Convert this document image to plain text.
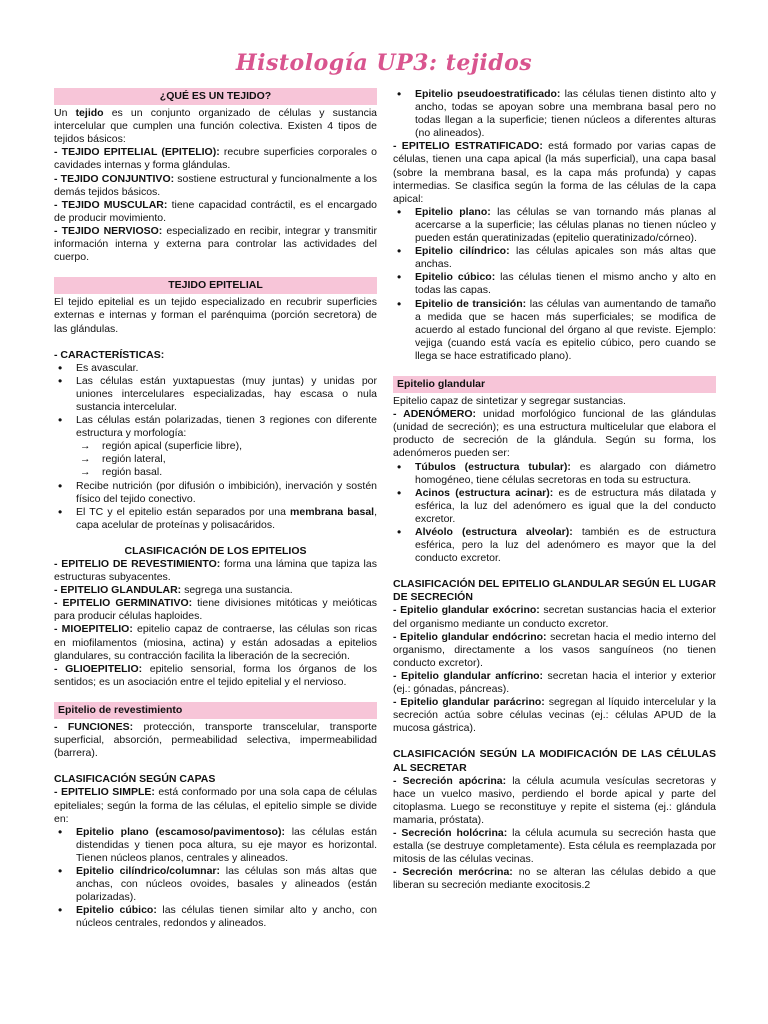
Histología UP3: tejidos
¿QUÉ ES UN TEJIDO?

Un tejido es un conjunto organizado de células y sustancia intercelular que cumplen una función colectiva. Existen 4 tipos de tejidos básicos:

- TEJIDO EPITELIAL (EPITELIO): recubre superficies corporales o cavidades internas y forma glándulas.

- TEJIDO CONJUNTIVO: sostiene estructural y funcionalmente a los demás tejidos básicos.

- TEJIDO MUSCULAR: tiene capacidad contráctil, es el encargado de producir movimiento.

- TEJIDO NERVIOSO: especializado en recibir, integrar y transmitir información interna y externa para controlar las actividades del cuerpo.

TEJIDO EPITELIAL

El tejido epitelial es un tejido especializado en recubrir superficies externas e internas y forman el parénquima (porción secretora) de las glándulas.

- CARACTERÍSTICAS:

• Es avascular.
• Las células están yuxtapuestas (muy juntas) y unidas por uniones intercelulares especializadas, hay escasa o nula sustancia intercelular.
• Las células están polarizadas, tienen 3 regiones con diferente estructura y morfología:
→ región apical (superficie libre),
→ región lateral,
→ región basal.
• Recibe nutrición (por difusión o imbibición), inervación y sostén físico del tejido conectivo.
• El TC y el epitelio están separados por una membrana basal, capa acelular de proteínas y polisacáridos.

CLASIFICACIÓN DE LOS EPITELIOS

- EPITELIO DE REVESTIMIENTO: forma una lámina que tapiza las estructuras subyacentes.

- EPITELIO GLANDULAR: segrega una sustancia.

- EPITELIO GERMINATIVO: tiene divisiones mitóticas y meióticas para producir células haploides.

- MIOEPITELIO: epitelio capaz de contraerse, las células son ricas en miofilamentos (miosina, actina) y están adosadas a epitelios glandulares, su contracción facilita la liberación de la secreción.

- GLIOEPITELIO: epitelio sensorial, forma los órganos de los sentidos; es un asociación entre el tejido epitelial y el nervioso.

Epitelio de revestimiento

- FUNCIONES: protección, transporte transcelular, transporte superficial, absorción, permeabilidad selectiva, impermeabilidad (barrera).

CLASIFICACIÓN SEGÚN CAPAS

- EPITELIO SIMPLE: está conformado por una sola capa de células epiteliales; según la forma de las células, el epitelio simple se divide en:

• Epitelio plano (escamoso/pavimentoso): las células están distendidas y tienen poca altura, su eje mayor es horizontal. Tienen núcleos planos, centrales y alineados.
• Epitelio cilíndrico/columnar: las células son más altas que anchas, con núcleos ovoides, basales y alineados (están polarizadas).
• Epitelio cúbico: las células tienen similar alto y ancho, con núcleos centrales, redondos y alineados.
• Epitelio pseudoestratificado: las células tienen distinto alto y ancho, todas se apoyan sobre una membrana basal pero no todas llegan a la superficie; tienen núcleos a diferentes alturas (no alineados).

- EPITELIO ESTRATIFICADO: está formado por varias capas de células, tienen una capa apical (la más superficial), una capa basal (sobre la membrana basal, es la capa más profunda) y capas intermedias. Se clasifica según la forma de las células de la capa apical:

• Epitelio plano: las células se van tornando más planas al acercarse a la superficie; las células planas no tienen núcleo y pueden están queratinizadas (epitelio queratinizado/córneo).
• Epitelio cilíndrico: las células apicales son más altas que anchas.
• Epitelio cúbico: las células tienen el mismo ancho y alto en todas las capas.
• Epitelio de transición: las células van aumentando de tamaño a medida que se hacen más superficiales; se modifica de acuerdo al estado funcional del órgano al que reviste. Ejemplo: vejiga (cuando está vacía es epitelio cúbico, pero cuando se llega se hace estratificado plano).
Epitelio glandular

Epitelio capaz de sintetizar y segregar sustancias.

- ADENÓMERO: unidad morfológico funcional de las glándulas (unidad de secreción); es una estructura multicelular que elabora el producto de secreción de la glándula. Según su forma, los adenómeros pueden ser:

• Túbulos (estructura tubular): es alargado con diámetro homogéneo, tiene células secretoras en toda su estructura.
• Acinos (estructura acinar): es de estructura más dilatada y esférica, la luz del adenómero es igual que la del conducto excretor.
• Alvéolo (estructura alveolar): también es de estructura esférica, pero la luz del adenómero es mayor que la del conducto excretor.

CLASIFICACIÓN DEL EPITELIO GLANDULAR SEGÚN EL LUGAR DE SECRECIÓN

- Epitelio glandular exócrino: secretan sustancias hacia el exterior del organismo mediante un conducto excretor.

- Epitelio glandular endócrino: secretan hacia el medio interno del organismo, directamente a los vasos sanguíneos (no tienen conducto excretor).

- Epitelio glandular anfícrino: secretan hacia el interior y exterior (ej.: gónadas, páncreas).

- Epitelio glandular parácrino: segregan al líquido intercelular y la secreción actúa sobre células vecinas (ej.: células APUD de la mucosa gástrica).

CLASIFICACIÓN SEGÚN LA MODIFICACIÓN DE LAS CÉLULAS AL SECRETAR

- Secreción apócrina: la célula acumula vesículas secretoras y hace un vuelco masivo, perdiendo el borde apical y parte del citoplasma. Luego se reconstituye y repite el sistema (ej.: glándula mamaria, próstata).

- Secreción holócrina: la célula acumula su secreción hasta que estalla (se destruye completamente). Esta célula es reemplazada por mitosis de las células vecinas.

- Secreción merócrina: no se alteran las células debido a que liberan su secreción mediante exocitosis.2
